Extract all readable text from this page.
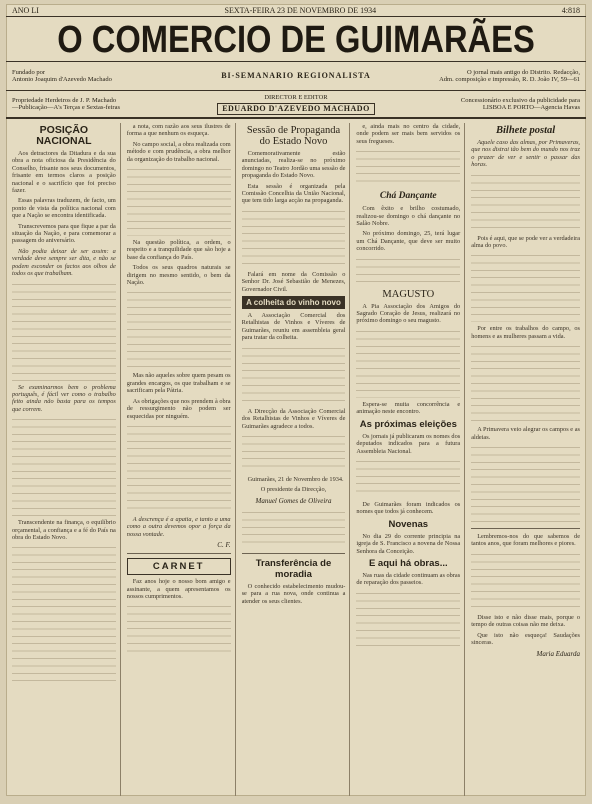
ANO LI	SEXTA-FEIRA 23 DE NOVEMBRO DE 1934	4:818
O COMERCIO DE GUIMARÃES
Fundado por
Antonio Joaquim d'Azevedo Machado	BI-SEMANARIO REGIONALISTA	O jornal mais antigo do Distrito. Redacção,
Adm. composição e impressão, R. D. João IV, 59—61
Propriedade Herdeiros de J. P. Machado
—Publicação—A's Terças e Sextas-feiras
DIRECTOR E EDITOR
EDUARDO D'AZEVEDO MACHADO
Concessionário exclusivo da publicidade para
LISBOA E PORTO—Agencia Havas
POSIÇÃO NACIONAL

Aos detractores da Ditadura e da sua obra a nota oficiosa da Presidência do Conselho, frisante nos seus documentos, frisante em termos claros a posição nacional e o sacrifício que foi preciso fazer.

Essas palavras traduzem, de facto, um ponto de vista da política nacional com que a Nação se encontra identificada.

Transcrevemos para que fique a par da situação da Nação, e para comemorar a passagem do aniversário.

Não podia deixar de ser assim: a verdade deve sempre ser dita, e não se podem esconder os factos aos olhos de todos os que trabalham.

Se examinarmos bem o problema português, é fácil ver como o trabalho feito ainda não basta para os tempos que correm.

Transcendente na finança, o equilíbrio orçamental, a confiança e a fé do País na obra do Estado Novo.

a nota, com razão aos seus ilustres de forma a que nenhum os esqueça.

No campo social, a obra realizada com método e com prudência, a obra melhor da organização do trabalho nacional.

Na questão política, a ordem, o respeito e a tranquilidade que são hoje a base da confiança do País.

Todos os seus quadros naturais se dirigem no mesmo sentido, o bem da Nação.

Mas não aqueles sobre quem pesam os grandes encargos, os que trabalham e se sacrificam pela Pátria.

As obrigações que nos prendem à obra de ressurgimento não podem ser esquecidas por ninguém.

A descrença é a apatia, e tanto a uma como a outra devemos opor a força da nossa vontade.

C. F.
CARNET

Faz anos hoje o nosso bom amigo e assinante, a quem apresentamos os nossos cumprimentos.

Sessão de Propaganda do Estado Novo

Comemorativamente estão anunciadas, realiza-se no próximo domingo no Teatro Jordão uma sessão de propaganda do Estado Novo.

Esta sessão é organizada pela Comissão Concelhia da União Nacional, que tem tido larga acção na propaganda.

Falará em nome da Comissão o Senhor Dr. José Sebastião de Menezes, Governador Civil.

A colheita do vinho novo

A Associação Comercial dos Retalhistas de Vinhos e Víveres de Guimarães, reuniu em assembleia geral para tratar da colheita.

A Direcção da Associação Comercial dos Retalhistas de Vinhos e Víveres de Guimarães agradece a todos.

Guimarães, 21 de Novembro de 1934.

O presidente da Direcção,

Manuel Gomes de Oliveira
Transferência de moradia

O conhecido estabelecimento mudou-se para a rua nova, onde continua a atender os seus clientes.

e, ainda mais no centro da cidade, onde podem ser mais bem servidos os seus fregueses.

Chá Dançante

Com êxito e brilho costumado, realizou-se domingo o chá dançante no Salão Nobre.

No próximo domingo, 25, terá lugar um Chá Dançante, que deve ser muito concorrido.

MAGUSTO

A Pia Associação dos Amigos do Sagrado Coração de Jesus, realizará no próximo domingo o seu magusto.

Espera-se muita concorrência e animação neste encontro.

As próximas eleições

Os jornais já publicaram os nomes dos deputados indicados para a futura Assembleia Nacional.

De Guimarães foram indicados os nomes que todos já conhecem.

Novenas

No dia 29 do corrente principia na igreja de S. Francisco a novena de Nossa Senhora da Conceição.

E aqui há obras...

Nas ruas da cidade continuam as obras de reparação dos passeios.

Bilhete postal

Aquele caso das almas, por Primaveras, que nos distrai tão bem do mundo nos traz o prazer de ver e sentir o passar das horas.

Pois é aqui, que se pode ver a verdadeira alma do povo.

Por entre os trabalhos do campo, os homens e as mulheres passam a vida.

A Primavera veio alegrar os campos e as aldeias.

Lembremos-nos do que sabemos de tantos anos, que foram melhores e piores.

Disse isto e não disse mais, porque o tempo de outras coisas não me deixa.

Que isto não esqueça! Saudações sinceras.

Maria Eduarda
